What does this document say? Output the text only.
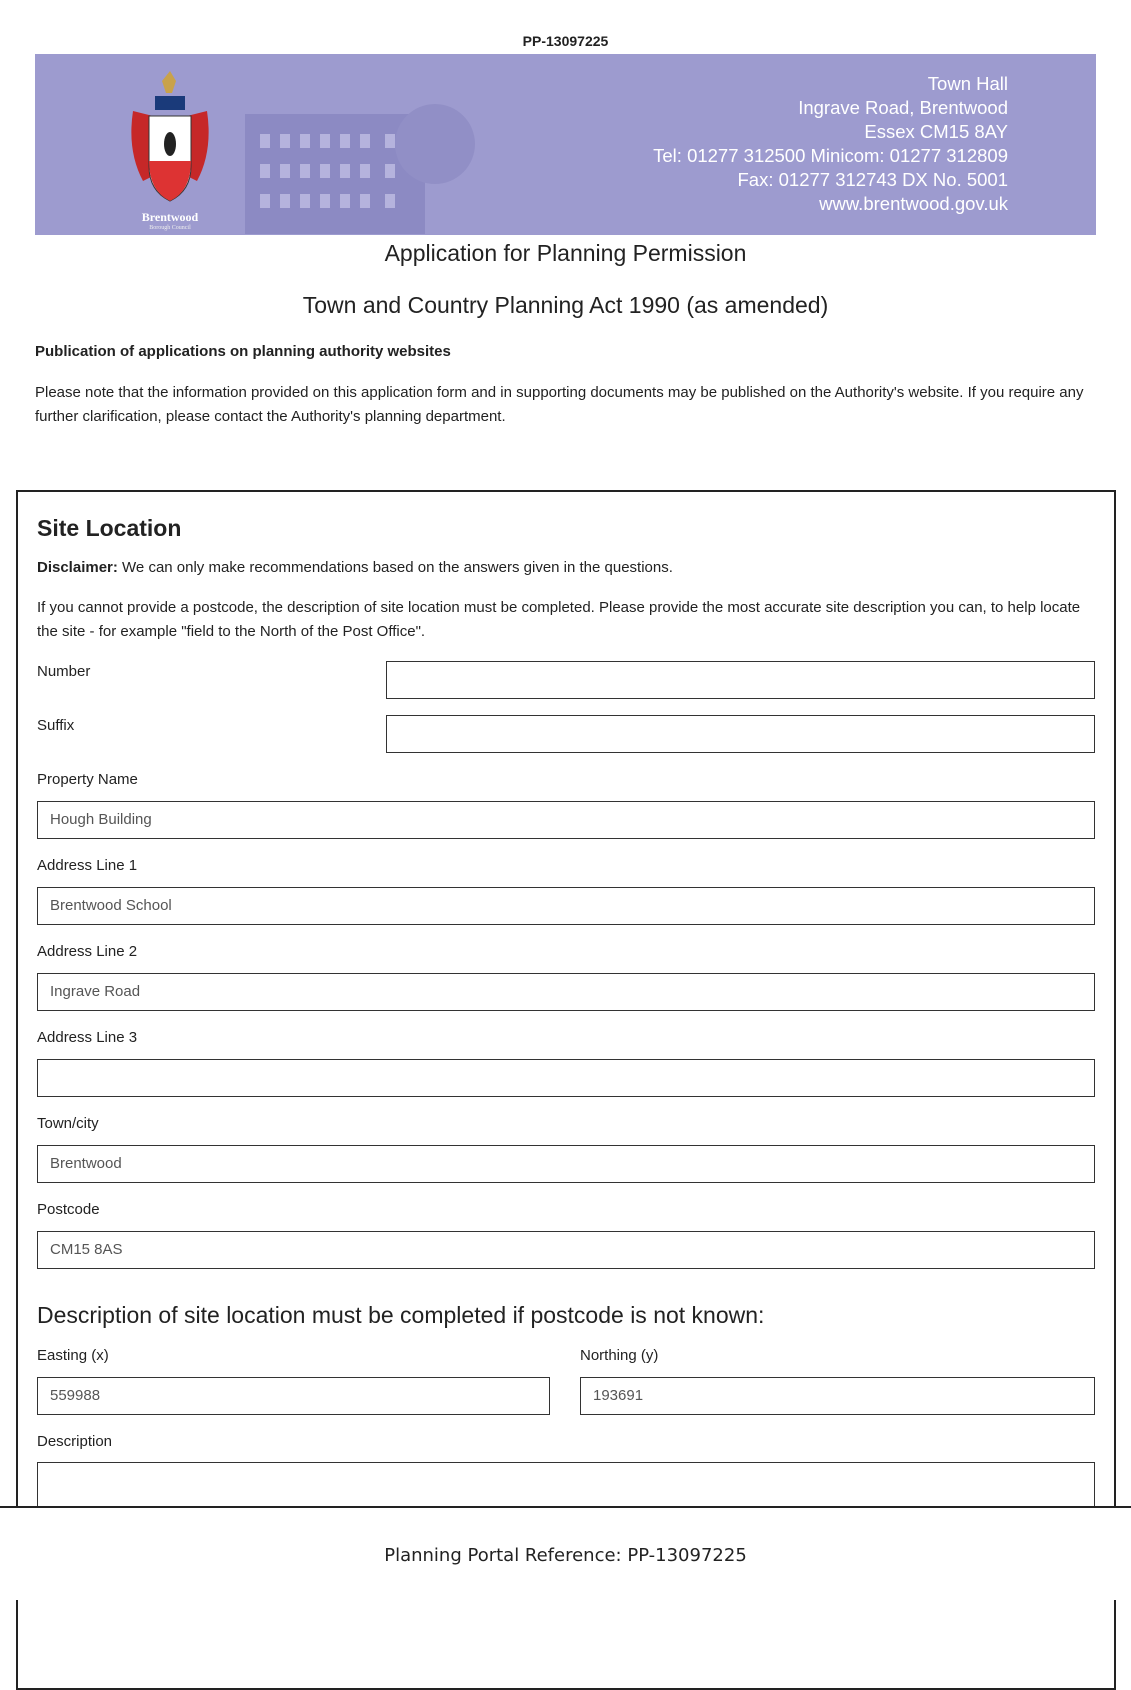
PP-13097225
Brentwood
Borough Council
Town Hall
Ingrave Road, Brentwood
Essex CM15 8AY
Tel: 01277 312500 Minicom: 01277 312809
Fax: 01277 312743 DX No. 5001
www.brentwood.gov.uk
Application for Planning Permission
Town and Country Planning Act 1990 (as amended)
Publication of applications on planning authority websites
Please note that the information provided on this application form and in supporting documents may be published on the Authority's website. If you require any further clarification, please contact the Authority's planning department.
Site Location
Disclaimer: We can only make recommendations based on the answers given in the questions.
If you cannot provide a postcode, the description of site location must be completed. Please provide the most accurate site description you can, to help locate the site - for example "field to the North of the Post Office".
Number
Suffix
Property Name
Hough Building
Address Line 1
Brentwood School
Address Line 2
Ingrave Road
Address Line 3
Town/city
Brentwood
Postcode
CM15 8AS
Description of site location must be completed if postcode is not known:
Easting (x)
559988
Northing (y)
193691
Description
Planning Portal Reference: PP-13097225
